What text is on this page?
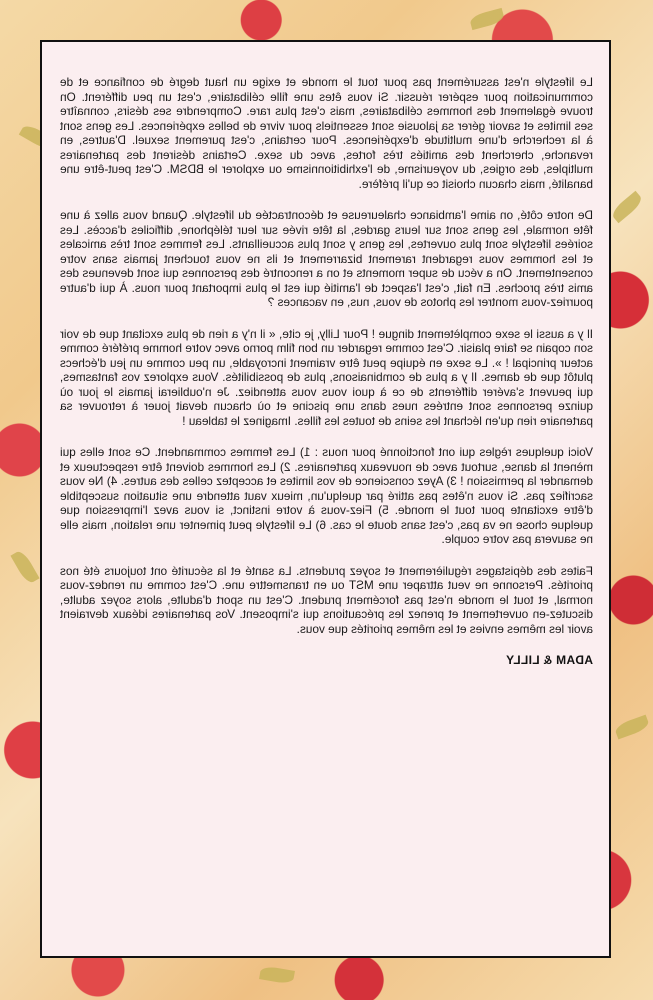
Le lifestyle n'est assurément pas pour tout le monde et exige un haut degré de confiance et de communication pour espérer réussir. Si vous êtes une fille célibataire, c'est un peu différent. On trouve également des hommes célibataires, mais c'est plus rare. Comprendre ses désirs, connaître ses limites et savoir gérer sa jalousie sont essentiels pour vivre de belles expériences. Les gens sont à la recherche d'une multitude d'expériences. Pour certains, c'est purement sexuel. D'autres, en revanche, cherchent des amitiés très fortes, avec du sexe. Certains désirent des partenaires multiples, des orgies, du voyeurisme, de l'exhibitionnisme ou explorer le BDSM. C'est peut-être une banalité, mais chacun choisit ce qu'il préfère.

De notre côté, on aime l'ambiance chaleureuse et décontractée du lifestyle. Quand vous allez à une fête normale, les gens sont sur leurs gardes, la tête rivée sur leur téléphone, difficiles d'accès. Les soirées lifestyle sont plus ouvertes, les gens y sont plus accueillants. Les femmes sont très amicales et les hommes vous regardent rarement bizarrement et ils ne vous touchent jamais sans votre consentement. On a vécu de super moments et on a rencontré des personnes qui sont devenues des amis très proches. En fait, c'est l'aspect de l'amitié qui est le plus important pour nous. À qui d'autre pourriez-vous montrer les photos de vous, nus, en vacances ?

Il y a aussi le sexe complètement dingue ! Pour Lilly, je cite, « il n'y a rien de plus excitant que de voir son copain se faire plaisir. C'est comme regarder un bon film porno avec votre homme préféré comme acteur principal ! ». Le sexe en équipe peut être vraiment incroyable, un peu comme un jeu d'échecs plutôt que de dames. Il y a plus de combinaisons, plus de possibilités. Vous explorez vos fantasmes, qui peuvent s'avérer différents de ce à quoi vous vous attendiez. Je n'oublierai jamais le jour où quinze personnes sont entrées nues dans une piscine et où chacun devait jouer à retrouver sa partenaire rien qu'en léchant les seins de toutes les filles. Imaginez le tableau !

Voici quelques règles qui ont fonctionné pour nous : 1) Les femmes commandent. Ce sont elles qui mènent la danse, surtout avec de nouveaux partenaires. 2) Les hommes doivent être respectueux et demander la permission ! 3) Ayez conscience de vos limites et acceptez celles des autres. 4) Ne vous sacrifiez pas. Si vous n'êtes pas attiré par quelqu'un, mieux vaut attendre une situation susceptible d'être excitante pour tout le monde. 5) Fiez-vous à votre instinct, si vous avez l'impression que quelque chose ne va pas, c'est sans doute le cas. 6) Le lifestyle peut pimenter une relation, mais elle ne sauvera pas votre couple.

Faites des dépistages régulièrement et soyez prudents. La santé et la sécurité ont toujours été nos priorités. Personne ne veut attraper une MST ou en transmettre une. C'est comme un rendez-vous normal, et tout le monde n'est pas forcément prudent. C'est un sport d'adulte, alors soyez adulte, discutez-en ouvertement et prenez les précautions qui s'imposent. Vos partenaires idéaux devraient avoir les mêmes envies et les mêmes priorités que vous.

ADAM & LILLY
